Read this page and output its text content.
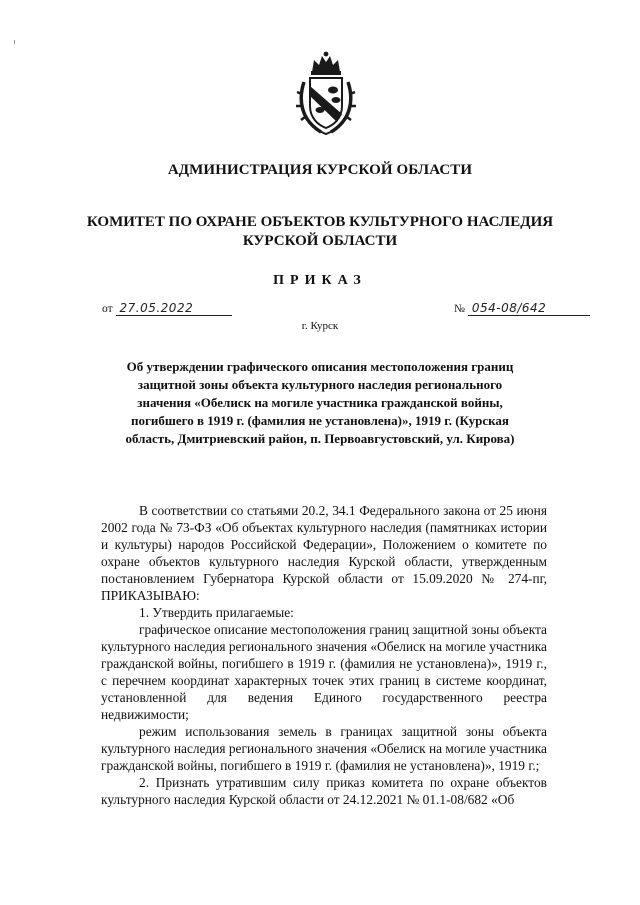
АДМИНИСТРАЦИЯ КУРСКОЙ ОБЛАСТИ
КОМИТЕТ ПО ОХРАНЕ ОБЪЕКТОВ КУЛЬТУРНОГО НАСЛЕДИЯ
КУРСКОЙ ОБЛАСТИ
ПРИКАЗ
от 27.05.2022	№ 054-08/642
г. Курск
Об утверждении графического описания местоположения границ защитной зоны объекта культурного наследия регионального значения «Обелиск на могиле участника гражданской войны, погибшего в 1919 г. (фамилия не установлена)», 1919 г. (Курская область, Дмитриевский район, п. Первоавгустовский, ул. Кирова)

В соответствии со статьями 20.2, 34.1 Федерального закона от 25 июня 2002 года № 73-ФЗ «Об объектах культурного наследия (памятниках истории и культуры) народов Российской Федерации», Положением о комитете по охране объектов культурного наследия Курской области, утвержденным постановлением Губернатора Курской области от 15.09.2020 № 274-пг, ПРИКАЗЫВАЮ:

1. Утвердить прилагаемые:

графическое описание местоположения границ защитной зоны объекта культурного наследия регионального значения «Обелиск на могиле участника гражданской войны, погибшего в 1919 г. (фамилия не установлена)», 1919 г., с перечнем координат характерных точек этих границ в системе координат, установленной для ведения Единого государственного реестра недвижимости;

режим использования земель в границах защитной зоны объекта культурного наследия регионального значения «Обелиск на могиле участника гражданской войны, погибшего в 1919 г. (фамилия не установлена)», 1919 г.;

2. Признать утратившим силу приказ комитета по охране объектов культурного наследия Курской области от 24.12.2021 № 01.1-08/682 «Об
